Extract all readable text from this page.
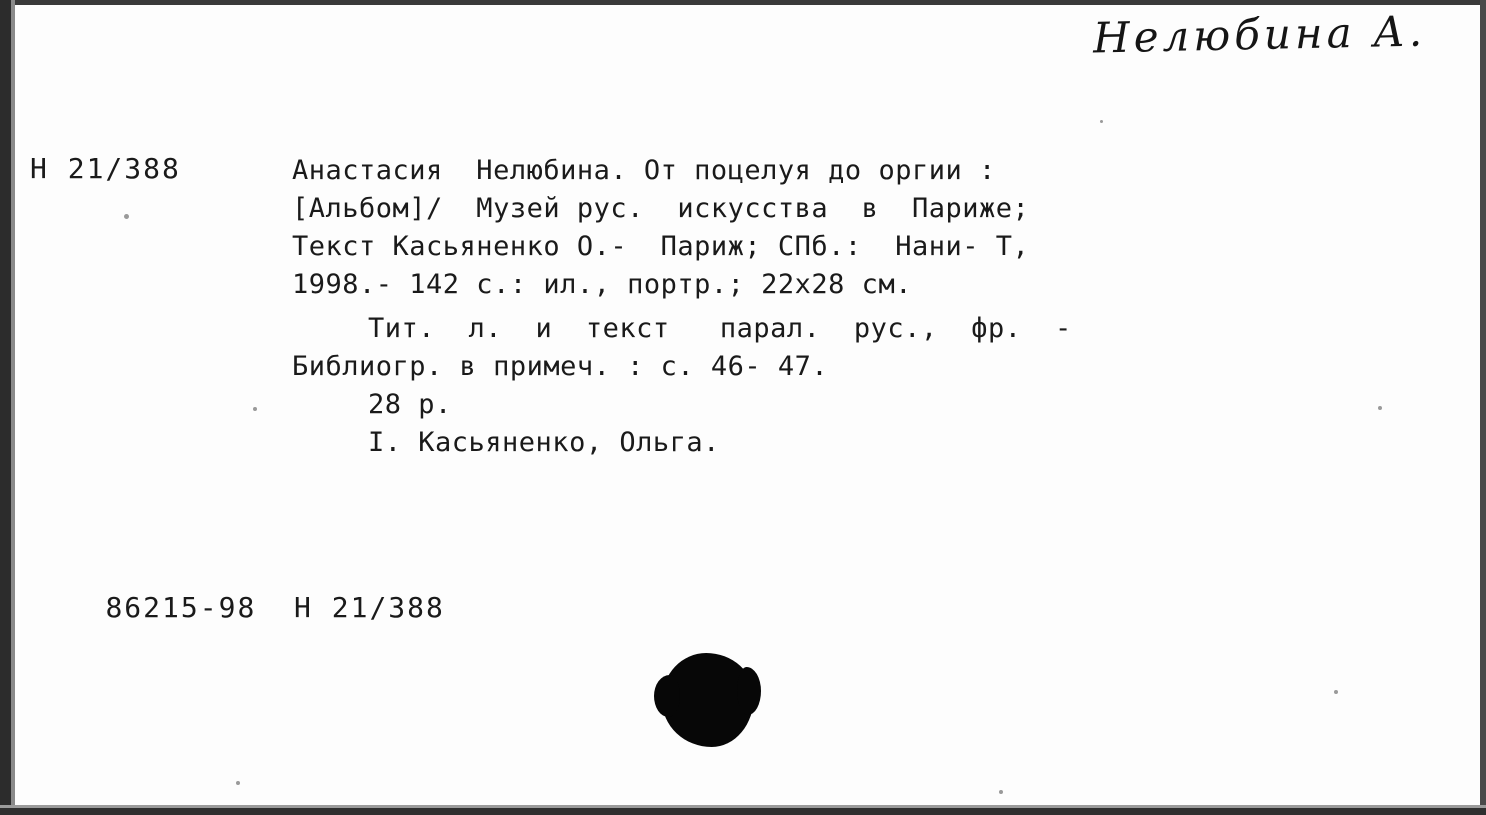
Нелюбина А.
Н 21/388	Анастасия  Нелюбина. От поцелуя до оргии :
[Альбом]/  Музей рус.  искусства  в  Париже;
Текст Касьяненко О.-  Париж; СПб.:  Нани- Т,
1998.- 142 с.: ил., портр.; 22х28 см.
Тит.  л.  и  текст   парал.  рус.,  фр.  -
Библиогр. в примеч. : с. 46- 47.
28 р.
I. Касьяненко, Ольга.

86215-98 Н 21/388
